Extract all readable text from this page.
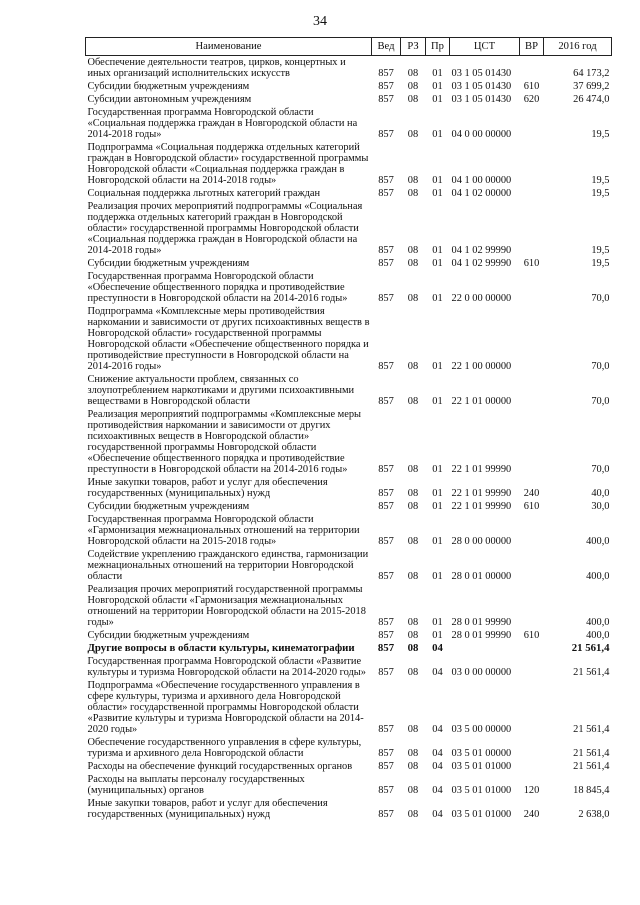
34
Наименование	Вед	РЗ	Пр	ЦСТ	ВР	2016 год
Обеспечение деятельности театров, цирков, концертных и иных организаций исполнительских искусств	857	08	01	03 1 05 01430		64 173,2
Субсидии бюджетным учреждениям	857	08	01	03 1 05 01430	610	37 699,2
Субсидии автономным учреждениям	857	08	01	03 1 05 01430	620	26 474,0
Государственная программа Новгородской области «Социальная поддержка граждан в Новгородской области на 2014-2018 годы»	857	08	01	04 0 00 00000		19,5
Подпрограмма «Социальная поддержка отдельных категорий граждан в Новгородской области» государственной программы Новгородской области «Социальная поддержка граждан в Новгородской области на 2014-2018 годы»	857	08	01	04 1 00 00000		19,5
Социальная поддержка льготных категорий граждан	857	08	01	04 1 02 00000		19,5
Реализация прочих мероприятий подпрограммы «Социальная поддержка отдельных категорий граждан в Новгородской области» государственной программы Новгородской области «Социальная поддержка граждан в Новгородской области на 2014-2018 годы»	857	08	01	04 1 02 99990		19,5
Субсидии бюджетным учреждениям	857	08	01	04 1 02 99990	610	19,5
Государственная программа Новгородской области «Обеспечение общественного порядка и противодействие преступности в Новгородской области на 2014-2016 годы»	857	08	01	22 0 00 00000		70,0
Подпрограмма «Комплексные меры противодействия наркомании и зависимости от других психоактивных веществ в Новгородской области» государственной программы Новгородской области «Обеспечение общественного порядка и противодействие преступности в Новгородской области на 2014-2016 годы»	857	08	01	22 1 00 00000		70,0
Снижение актуальности проблем, связанных со злоупотреблением наркотиками и другими психоактивными веществами в Новгородской области	857	08	01	22 1 01 00000		70,0
Реализация мероприятий подпрограммы «Комплексные меры противодействия наркомании и зависимости от других психоактивных веществ в Новгородской области» государственной программы Новгородской области «Обеспечение общественного порядка и противодействие преступности в Новгородской области на 2014-2016 годы»	857	08	01	22 1 01 99990		70,0
Иные закупки товаров, работ и услуг для обеспечения государственных (муниципальных) нужд	857	08	01	22 1 01 99990	240	40,0
Субсидии бюджетным учреждениям	857	08	01	22 1 01 99990	610	30,0
Государственная программа Новгородской области «Гармонизация межнациональных отношений на территории Новгородской области на 2015-2018 годы»	857	08	01	28 0 00 00000		400,0
Содействие укреплению гражданского единства, гармонизации межнациональных отношений на территории Новгородской области	857	08	01	28 0 01 00000		400,0
Реализация прочих мероприятий государственной программы Новгородской области «Гармонизация межнациональных отношений на территории Новгородской области на 2015-2018 годы»	857	08	01	28 0 01 99990		400,0
Субсидии бюджетным учреждениям	857	08	01	28 0 01 99990	610	400,0
Другие вопросы в области культуры, кинематографии	857	08	04			21 561,4
Государственная программа Новгородской области «Развитие культуры и туризма Новгородской области на 2014-2020 годы»	857	08	04	03 0 00 00000		21 561,4
Подпрограмма «Обеспечение государственного управления в сфере культуры, туризма и архивного дела Новгородской области» государственной программы Новгородской области «Развитие культуры и туризма Новгородской области на 2014-2020 годы»	857	08	04	03 5 00 00000		21 561,4
Обеспечение государственного управления в сфере культуры, туризма и архивного дела Новгородской области	857	08	04	03 5 01 00000		21 561,4
Расходы на обеспечение функций государственных органов	857	08	04	03 5 01 01000		21 561,4
Расходы на выплаты персоналу государственных (муниципальных) органов	857	08	04	03 5 01 01000	120	18 845,4
Иные закупки товаров, работ и услуг для обеспечения государственных (муниципальных) нужд	857	08	04	03 5 01 01000	240	2 638,0
